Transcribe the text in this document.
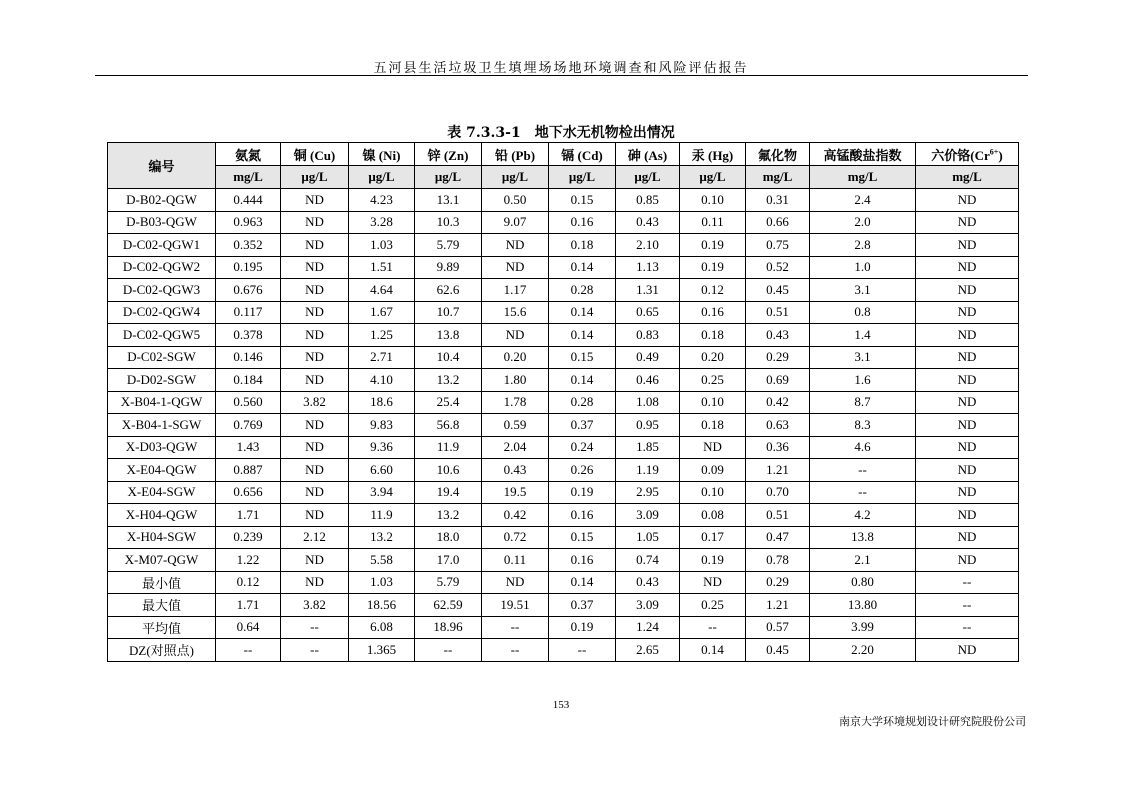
五河县生活垃圾卫生填埋场场地环境调查和风险评估报告
表 7.3.3-1　地下水无机物检出情况
编号	氨氮	铜 (Cu)	镍 (Ni)	锌 (Zn)	铅 (Pb)	镉 (Cd)	砷 (As)	汞 (Hg)	氟化物	高锰酸盐指数	六价铬$(Cr^{6+})$
	mg/L	μg/L	μg/L	μg/L	μg/L	μg/L	μg/L	μg/L	mg/L	mg/L	mg/L
D-B02-QGW	0.444	ND	4.23	13.1	0.50	0.15	0.85	0.10	0.31	2.4	ND
D-B03-QGW	0.963	ND	3.28	10.3	9.07	0.16	0.43	0.11	0.66	2.0	ND
D-C02-QGW1	0.352	ND	1.03	5.79	ND	0.18	2.10	0.19	0.75	2.8	ND
D-C02-QGW2	0.195	ND	1.51	9.89	ND	0.14	1.13	0.19	0.52	1.0	ND
D-C02-QGW3	0.676	ND	4.64	62.6	1.17	0.28	1.31	0.12	0.45	3.1	ND
D-C02-QGW4	0.117	ND	1.67	10.7	15.6	0.14	0.65	0.16	0.51	0.8	ND
D-C02-QGW5	0.378	ND	1.25	13.8	ND	0.14	0.83	0.18	0.43	1.4	ND
D-C02-SGW	0.146	ND	2.71	10.4	0.20	0.15	0.49	0.20	0.29	3.1	ND
D-D02-SGW	0.184	ND	4.10	13.2	1.80	0.14	0.46	0.25	0.69	1.6	ND
X-B04-1-QGW	0.560	3.82	18.6	25.4	1.78	0.28	1.08	0.10	0.42	8.7	ND
X-B04-1-SGW	0.769	ND	9.83	56.8	0.59	0.37	0.95	0.18	0.63	8.3	ND
X-D03-QGW	1.43	ND	9.36	11.9	2.04	0.24	1.85	ND	0.36	4.6	ND
X-E04-QGW	0.887	ND	6.60	10.6	0.43	0.26	1.19	0.09	1.21	--	ND
X-E04-SGW	0.656	ND	3.94	19.4	19.5	0.19	2.95	0.10	0.70	--	ND
X-H04-QGW	1.71	ND	11.9	13.2	0.42	0.16	3.09	0.08	0.51	4.2	ND
X-H04-SGW	0.239	2.12	13.2	18.0	0.72	0.15	1.05	0.17	0.47	13.8	ND
X-M07-QGW	1.22	ND	5.58	17.0	0.11	0.16	0.74	0.19	0.78	2.1	ND
最小值	0.12	ND	1.03	5.79	ND	0.14	0.43	ND	0.29	0.80	--
最大值	1.71	3.82	18.56	62.59	19.51	0.37	3.09	0.25	1.21	13.80	--
平均值	0.64	--	6.08	18.96	--	0.19	1.24	--	0.57	3.99	--
DZ(对照点)	--	--	1.365	--	--	--	2.65	0.14	0.45	2.20	ND
153
南京大学环境规划设计研究院股份公司
